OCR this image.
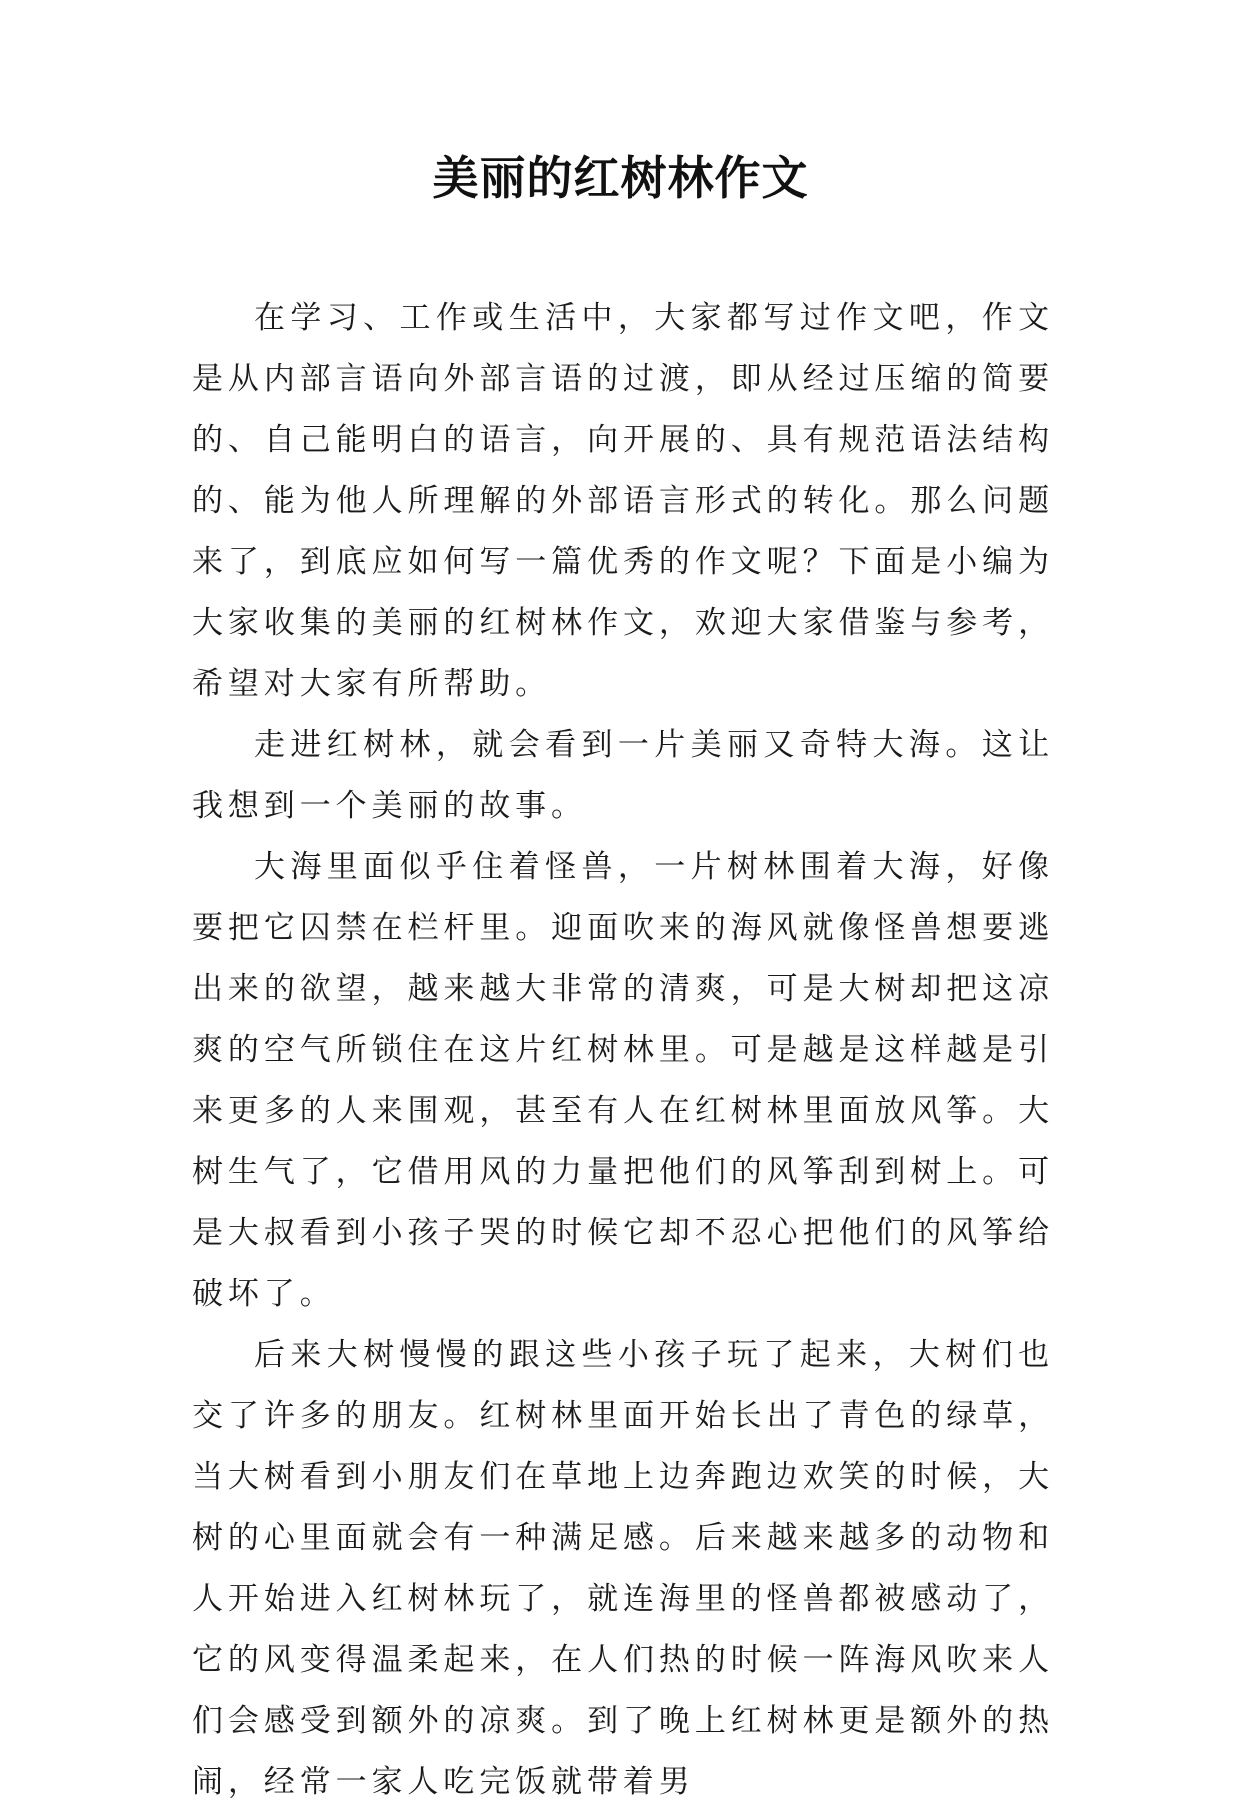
美丽的红树林作文

在学习、工作或生活中，大家都写过作文吧，作文是从内部言语向外部言语的过渡，即从经过压缩的简要的、自己能明白的语言，向开展的、具有规范语法结构的、能为他人所理解的外部语言形式的转化。那么问题来了，到底应如何写一篇优秀的作文呢？下面是小编为大家收集的美丽的红树林作文，欢迎大家借鉴与参考，希望对大家有所帮助。

走进红树林，就会看到一片美丽又奇特大海。这让我想到一个美丽的故事。

大海里面似乎住着怪兽，一片树林围着大海，好像要把它囚禁在栏杆里。迎面吹来的海风就像怪兽想要逃出来的欲望，越来越大非常的清爽，可是大树却把这凉爽的空气所锁住在这片红树林里。可是越是这样越是引来更多的人来围观，甚至有人在红树林里面放风筝。大树生气了，它借用风的力量把他们的风筝刮到树上。可是大叔看到小孩子哭的时候它却不忍心把他们的风筝给破坏了。

后来大树慢慢的跟这些小孩子玩了起来，大树们也交了许多的朋友。红树林里面开始长出了青色的绿草，当大树看到小朋友们在草地上边奔跑边欢笑的时候，大树的心里面就会有一种满足感。后来越来越多的动物和人开始进入红树林玩了，就连海里的怪兽都被感动了，它的风变得温柔起来，在人们热的时候一阵海风吹来人们会感受到额外的凉爽。到了晚上红树林更是额外的热闹，经常一家人吃完饭就带着男
